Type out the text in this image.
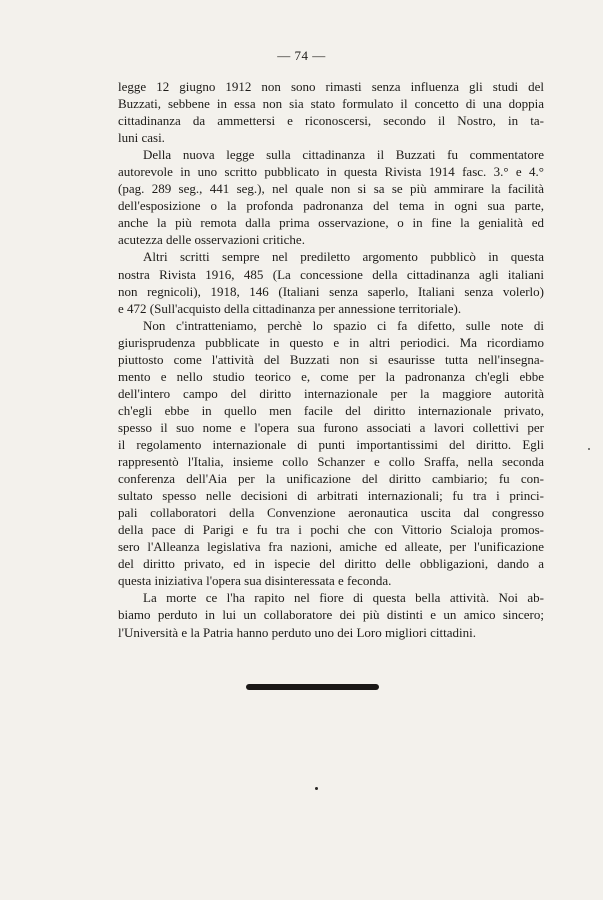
— 74 —
legge 12 giugno 1912 non sono rimasti senza influenza gli studi del
Buzzati, sebbene in essa non sia stato formulato il concetto di una doppia
cittadinanza da ammettersi e riconoscersi, secondo il Nostro, in ta-
luni casi.
Della nuova legge sulla cittadinanza il Buzzati fu commentatore
autorevole in uno scritto pubblicato in questa Rivista 1914 fasc. 3.° e 4.°
(pag. 289 seg., 441 seg.), nel quale non si sa se più ammirare la facilità
dell'esposizione o la profonda padronanza del tema in ogni sua parte,
anche la più remota dalla prima osservazione, o in fine la genialità ed
acutezza delle osservazioni critiche.
Altri scritti sempre nel prediletto argomento pubblicò in questa
nostra Rivista 1916, 485 (La concessione della cittadinanza agli italiani
non regnicoli), 1918, 146 (Italiani senza saperlo, Italiani senza volerlo)
e 472 (Sull'acquisto della cittadinanza per annessione territoriale).
Non c'intratteniamo, perchè lo spazio ci fa difetto, sulle note di
giurisprudenza pubblicate in questo e in altri periodici. Ma ricordiamo
piuttosto come l'attività del Buzzati non si esaurisse tutta nell'insegna-
mento e nello studio teorico e, come per la padronanza ch'egli ebbe
dell'intero campo del diritto internazionale per la maggiore autorità
ch'egli ebbe in quello men facile del diritto internazionale privato,
spesso il suo nome e l'opera sua furono associati a lavori collettivi per
il regolamento internazionale di punti importantissimi del diritto. Egli
rappresentò l'Italia, insieme collo Schanzer e collo Sraffa, nella seconda
conferenza dell'Aia per la unificazione del diritto cambiario; fu con-
sultato spesso nelle decisioni di arbitrati internazionali; fu tra i princi-
pali collaboratori della Convenzione aeronautica uscita dal congresso
della pace di Parigi e fu tra i pochi che con Vittorio Scialoja promos-
sero l'Alleanza legislativa fra nazioni, amiche ed alleate, per l'unificazione
del diritto privato, ed in ispecie del diritto delle obbligazioni, dando a
questa iniziativa l'opera sua disinteressata e feconda.
La morte ce l'ha rapito nel fiore di questa bella attività. Noi ab-
biamo perduto in lui un collaboratore dei più distinti e un amico sincero;
l'Università e la Patria hanno perduto uno dei Loro migliori cittadini.
